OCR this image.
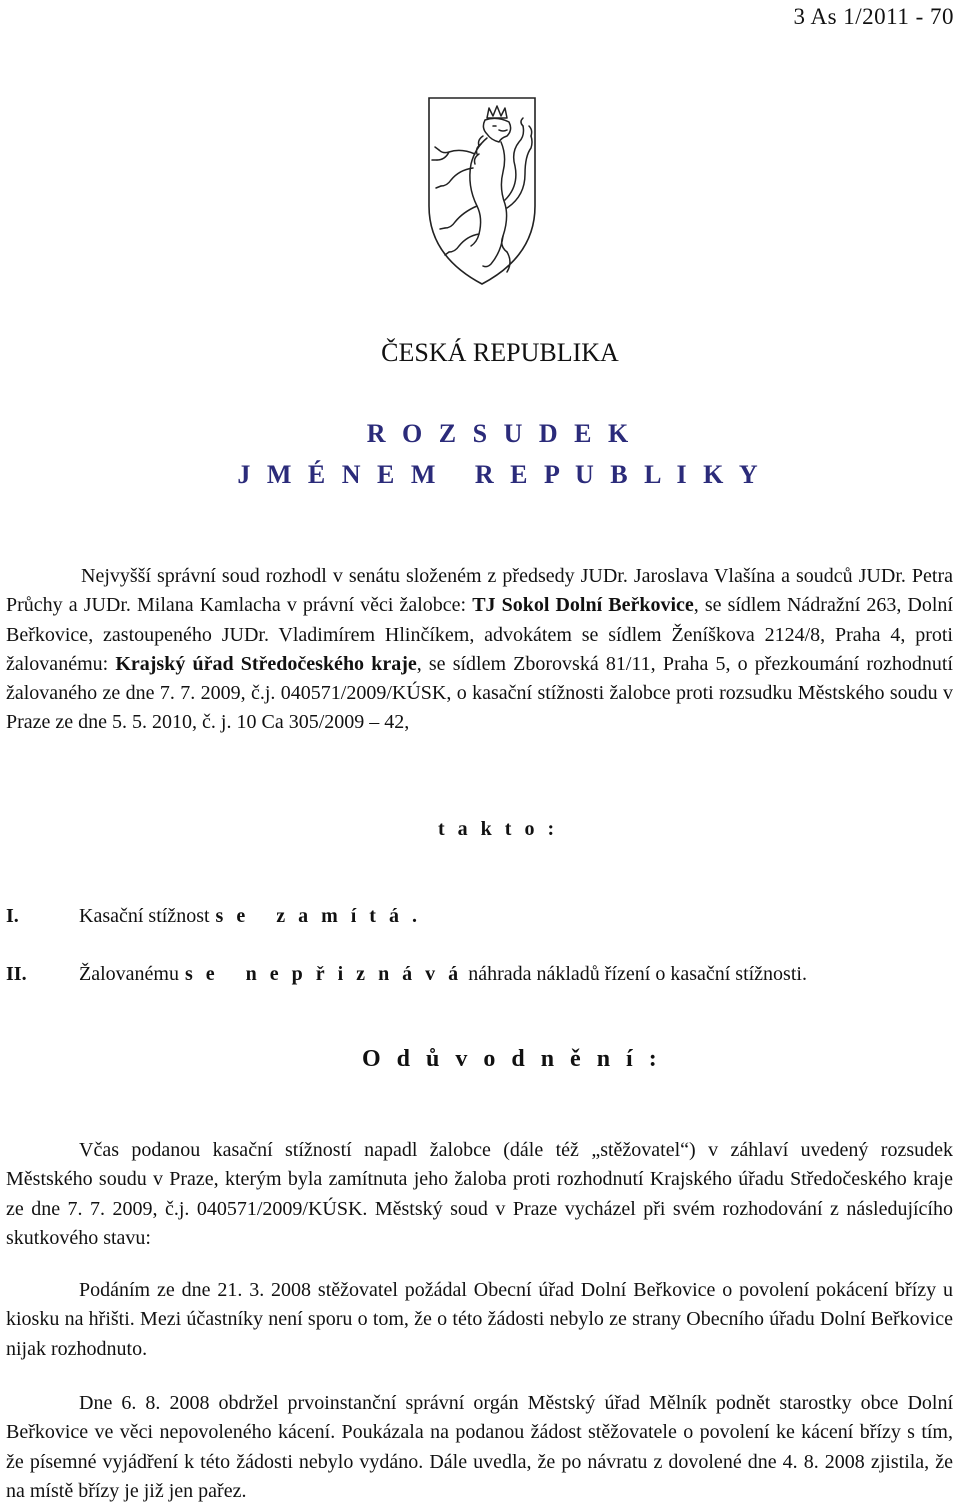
3 As 1/2011 - 70
ČESKÁ REPUBLIKA
R O Z S U D E K
J M É N E M   R E P U B L I K Y

Nejvyšší správní soud rozhodl v senátu složeném z předsedy JUDr. Jaroslava Vlašína a soudců JUDr. Petra Průchy a JUDr. Milana Kamlacha v právní věci žalobce: TJ Sokol Dolní Beřkovice, se sídlem Nádražní 263, Dolní Beřkovice, zastoupeného JUDr. Vladimírem Hlinčíkem, advokátem se sídlem Ženíškova 2124/8, Praha 4, proti žalovanému: Krajský úřad Středočeského kraje, se sídlem Zborovská 81/11, Praha 5, o přezkoumání rozhodnutí žalovaného ze dne 7. 7. 2009, č.j. 040571/2009/KÚSK, o kasační stížnosti žalobce proti rozsudku Městského soudu v Praze ze dne 5. 5. 2010, č. j. 10 Ca 305/2009 – 42,

t a k t o :
I.	Kasační stížnost s e   z a m í t á .
II.	Žalovanému s e   n e p ř i z n á v á náhrada nákladů řízení o kasační stížnosti.
O d ů v o d n ě n í :

Včas podanou kasační stížností napadl žalobce (dále též „stěžovatel“) v záhlaví uvedený rozsudek Městského soudu v Praze, kterým byla zamítnuta jeho žaloba proti rozhodnutí Krajského úřadu Středočeského kraje ze dne 7. 7. 2009, č.j. 040571/2009/KÚSK. Městský soud v Praze vycházel při svém rozhodování z následujícího skutkového stavu:

Podáním ze dne 21. 3. 2008 stěžovatel požádal Obecní úřad Dolní Beřkovice o povolení pokácení břízy u kiosku na hřišti. Mezi účastníky není sporu o tom, že o této žádosti nebylo ze strany Obecního úřadu Dolní Beřkovice nijak rozhodnuto.

Dne 6. 8. 2008 obdržel prvoinstanční správní orgán Městský úřad Mělník podnět starostky obce Dolní Beřkovice ve věci nepovoleného kácení. Poukázala na podanou žádost stěžovatele o povolení ke kácení břízy s tím, že písemné vyjádření k této žádosti nebylo vydáno. Dále uvedla, že po návratu z dovolené dne 4. 8. 2008 zjistila, že na místě břízy je již jen pařez.
